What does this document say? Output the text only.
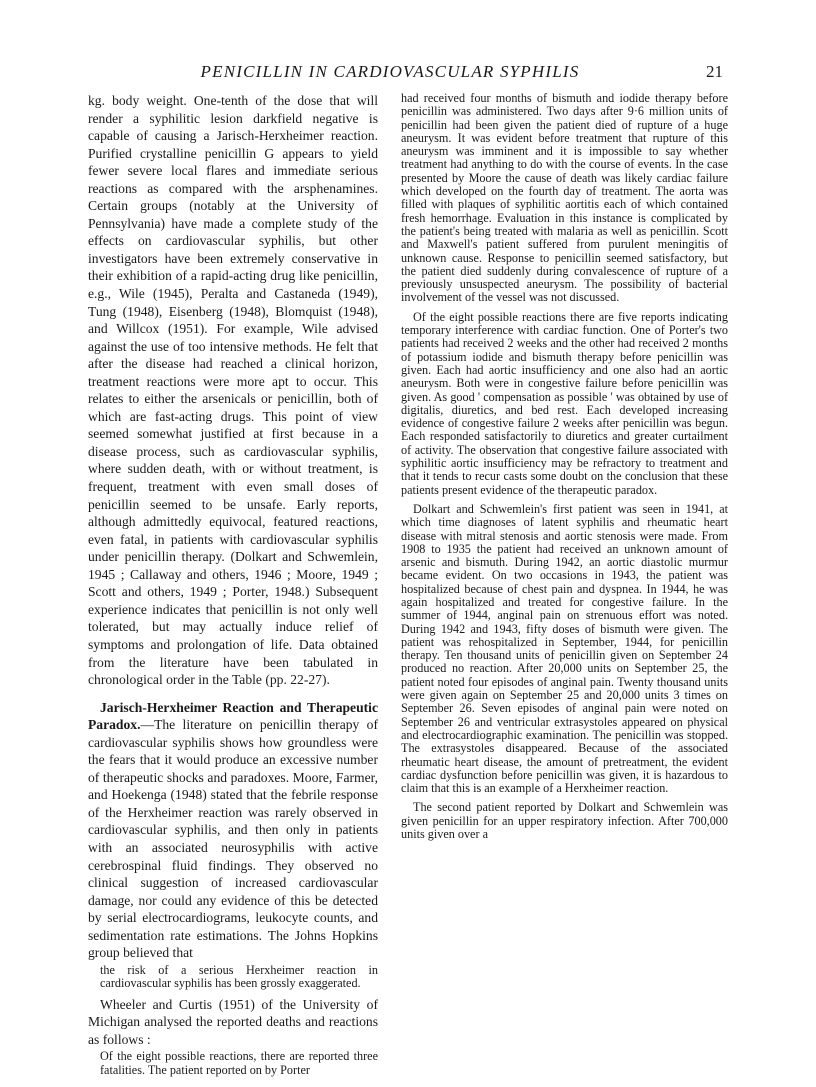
PENICILLIN IN CARDIOVASCULAR SYPHILIS	21

kg. body weight. One-tenth of the dose that will render a syphilitic lesion darkfield negative is capable of causing a Jarisch-Herxheimer reaction. Purified crystalline penicillin G appears to yield fewer severe local flares and immediate serious reactions as compared with the arsphenamines. Certain groups (notably at the University of Pennsylvania) have made a complete study of the effects on cardiovascular syphilis, but other investigators have been extremely conservative in their exhibition of a rapid-acting drug like penicillin, e.g., Wile (1945), Peralta and Castaneda (1949), Tung (1948), Eisenberg (1948), Blomquist (1948), and Willcox (1951). For example, Wile advised against the use of too intensive methods. He felt that after the disease had reached a clinical horizon, treatment reactions were more apt to occur. This relates to either the arsenicals or penicillin, both of which are fast-acting drugs. This point of view seemed somewhat justified at first because in a disease process, such as cardiovascular syphilis, where sudden death, with or without treatment, is frequent, treatment with even small doses of penicillin seemed to be unsafe. Early reports, although admittedly equivocal, featured reactions, even fatal, in patients with cardiovascular syphilis under penicillin therapy. (Dolkart and Schwemlein, 1945 ; Callaway and others, 1946 ; Moore, 1949 ; Scott and others, 1949 ; Porter, 1948.) Subsequent experience indicates that penicillin is not only well tolerated, but may actually induce relief of symptoms and prolongation of life. Data obtained from the literature have been tabulated in chronological order in the Table (pp. 22-27).

Jarisch-Herxheimer Reaction and Therapeutic Paradox.—The literature on penicillin therapy of cardiovascular syphilis shows how groundless were the fears that it would produce an excessive number of therapeutic shocks and paradoxes. Moore, Farmer, and Hoekenga (1948) stated that the febrile response of the Herxheimer reaction was rarely observed in cardiovascular syphilis, and then only in patients with an associated neurosyphilis with active cerebrospinal fluid findings. They observed no clinical suggestion of increased cardiovascular damage, nor could any evidence of this be detected by serial electrocardiograms, leukocyte counts, and sedimentation rate estimations. The Johns Hopkins group believed that

the risk of a serious Herxheimer reaction in cardiovascular syphilis has been grossly exaggerated.

Wheeler and Curtis (1951) of the University of Michigan analysed the reported deaths and reactions as follows :

Of the eight possible reactions, there are reported three fatalities. The patient reported on by Porter

had received four months of bismuth and iodide therapy before penicillin was administered. Two days after 9·6 million units of penicillin had been given the patient died of rupture of a huge aneurysm. It was evident before treatment that rupture of this aneurysm was imminent and it is impossible to say whether treatment had anything to do with the course of events. In the case presented by Moore the cause of death was likely cardiac failure which developed on the fourth day of treatment. The aorta was filled with plaques of syphilitic aortitis each of which contained fresh hemorrhage. Evaluation in this instance is complicated by the patient's being treated with malaria as well as penicillin. Scott and Maxwell's patient suffered from purulent meningitis of unknown cause. Response to penicillin seemed satisfactory, but the patient died suddenly during convalescence of rupture of a previously unsuspected aneurysm. The possibility of bacterial involvement of the vessel was not discussed.

Of the eight possible reactions there are five reports indicating temporary interference with cardiac function. One of Porter's two patients had received 2 weeks and the other had received 2 months of potassium iodide and bismuth therapy before penicillin was given. Each had aortic insufficiency and one also had an aortic aneurysm. Both were in congestive failure before penicillin was given. As good ' compensation as possible ' was obtained by use of digitalis, diuretics, and bed rest. Each developed increasing evidence of congestive failure 2 weeks after penicillin was begun. Each responded satisfactorily to diuretics and greater curtailment of activity. The observation that congestive failure associated with syphilitic aortic insufficiency may be refractory to treatment and that it tends to recur casts some doubt on the conclusion that these patients present evidence of the therapeutic paradox.

Dolkart and Schwemlein's first patient was seen in 1941, at which time diagnoses of latent syphilis and rheumatic heart disease with mitral stenosis and aortic stenosis were made. From 1908 to 1935 the patient had received an unknown amount of arsenic and bismuth. During 1942, an aortic diastolic murmur became evident. On two occasions in 1943, the patient was hospitalized because of chest pain and dyspnea. In 1944, he was again hospitalized and treated for congestive failure. In the summer of 1944, anginal pain on strenuous effort was noted. During 1942 and 1943, fifty doses of bismuth were given. The patient was rehospitalized in September, 1944, for penicillin therapy. Ten thousand units of penicillin given on September 24 produced no reaction. After 20,000 units on September 25, the patient noted four episodes of anginal pain. Twenty thousand units were given again on September 25 and 20,000 units 3 times on September 26. Seven episodes of anginal pain were noted on September 26 and ventricular extrasystoles appeared on physical and electrocardiographic examination. The penicillin was stopped. The extrasystoles disappeared. Because of the associated rheumatic heart disease, the amount of pretreatment, the evident cardiac dysfunction before penicillin was given, it is hazardous to claim that this is an example of a Herxheimer reaction.

The second patient reported by Dolkart and Schwemlein was given penicillin for an upper respiratory infection. After 700,000 units given over a
